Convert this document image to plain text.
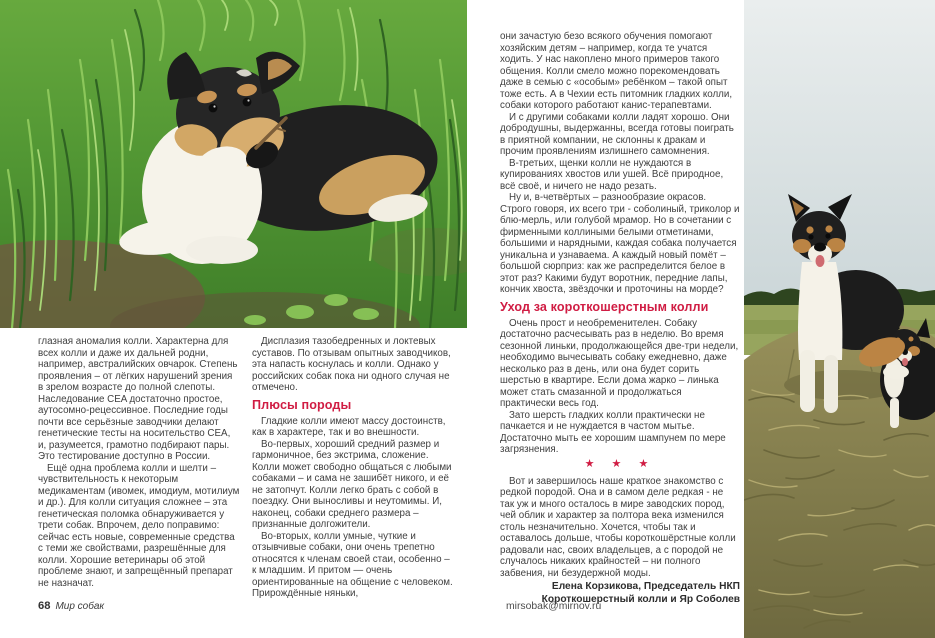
глазная аномалия колли. Характерна для всех колли и даже их дальней родни, например, австралийских овчарок. Степень проявления – от лёгких нарушений зрения в зрелом возрасте до полной слепоты. Наследование CEA достаточно простое, аутосомно-рецессивное. Последние годы почти все серьёзные заводчики делают генетические тесты на носительство CEA, и, разумеется, грамотно подбирают пары. Это тестирование доступно в России.

Ещё одна проблема колли и шелти – чувствительность к некоторым медикаментам (ивомек, имодиум, мотилиум и др.). Для колли ситуация сложнее – эта генетическая поломка обнаруживается у трети собак. Впрочем, дело поправимо: сейчас есть новые, современные средства с теми же свойствами, разрешённые для колли. Хорошие ветеринары об этой проблеме знают, и запрещённый препарат не назначат.

Дисплазия тазобедренных и локтевых суставов. По отзывам опытных заводчиков, эта напасть коснулась и колли. Однако у российских собак пока ни одного случая не отмечено.

Плюсы породы

Гладкие колли имеют массу достоинств, как в характере, так и во внешности.

Во-первых, хороший средний размер и гармоничное, без экстрима, сложение. Колли может свободно общаться с любыми собаками – и сама не зашибёт никого, и её не затопчут. Колли легко брать с собой в поездку. Они выносливы и неутомимы. И, наконец, собаки среднего размера – признанные долгожители.

Во-вторых, колли умные, чуткие и отзывчивые собаки, они очень трепетно относятся к членам своей стаи, особенно – к младшим. И притом — очень ориентированные на общение с человеком. Прирождённые няньки,

68 Мир собак

они зачастую безо всякого обучения помогают хозяйским детям – например, когда те учатся ходить. У нас накоплено много примеров такого общения. Колли смело можно порекомендовать даже в семью с «особым» ребёнком – такой опыт тоже есть. А в Чехии есть питомник гладких колли, собаки которого работают канис-терапевтами.

И с другими собаками колли ладят хорошо. Они добродушны, выдержанны, всегда готовы поиграть в приятной компании, не склонны к дракам и прочим проявлениям излишнего самомнения.

В-третьих, щенки колли не нуждаются в купированиях хвостов или ушей. Всё природное, всё своё, и ничего не надо резать.

Ну и, в-четвёртых – разнообразие окрасов. Строго говоря, их всего три - соболиный, триколор и блю-мерль, или голубой мрамор. Но в сочетании с фирменными коллиными белыми отметинами, большими и нарядными, каждая собака получается уникальна и узнаваема. А каждый новый помёт – большой сюрприз: как же распределится белое в этот раз? Какими будут воротник, передние лапы, кончик хвоста, звёздочки и проточины на морде?

Уход за короткошерстным колли

Очень прост и необременителен. Собаку достаточно расчесывать раз в неделю. Во время сезонной линьки, продолжающейся две-три недели, необходимо вычесывать собаку ежедневно, даже несколько раз в день, или она будет сорить шерстью в квартире. Если дома жарко – линька может стать смазанной и продолжаться практически весь год.

Зато шерсть гладких колли практически не пачкается и не нуждается в частом мытье. Достаточно мыть ее хорошим шампунем по мере загрязнения.

★ ★ ★

Вот и завершилось наше краткое знакомство с редкой породой. Она и в самом деле редкая - не так уж и много осталось в мире заводских пород, чей облик и характер за полтора века изменился столь незначительно. Хочется, чтобы так и оставалось дольше, чтобы короткошёрстные колли радовали нас, своих владельцев, а с породой не случалось никаких крайностей – ни полного забвения, ни безудержной моды.

Елена Корзикова, Председатель НКП
Короткошерстный колли и Яр Соболев
mirsobak@mirnov.ru
